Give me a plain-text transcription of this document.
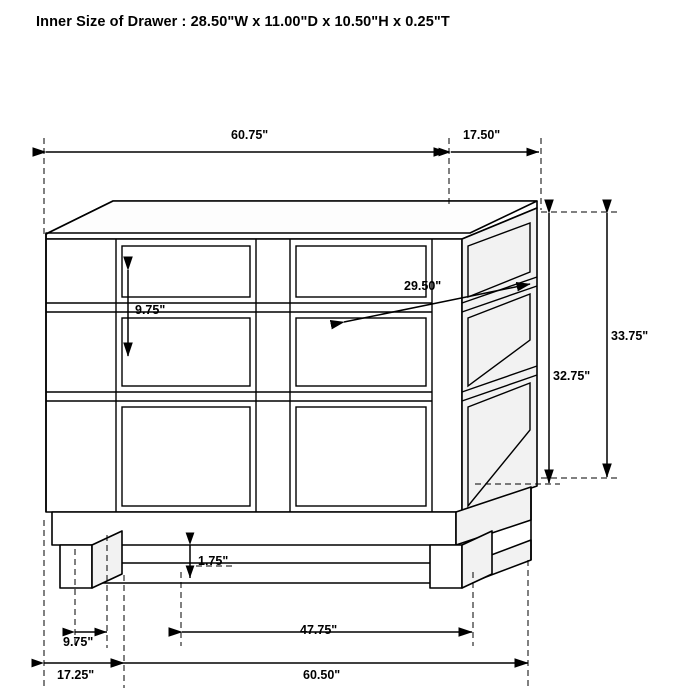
Inner Size of Drawer : 28.50"W x 11.00"D x 10.50"H x 0.25"T
60.75"	17.50"
9.75"
29.50"
33.75"
32.75"
1.75"
9.75"
17.25"
47.75"
60.50"
